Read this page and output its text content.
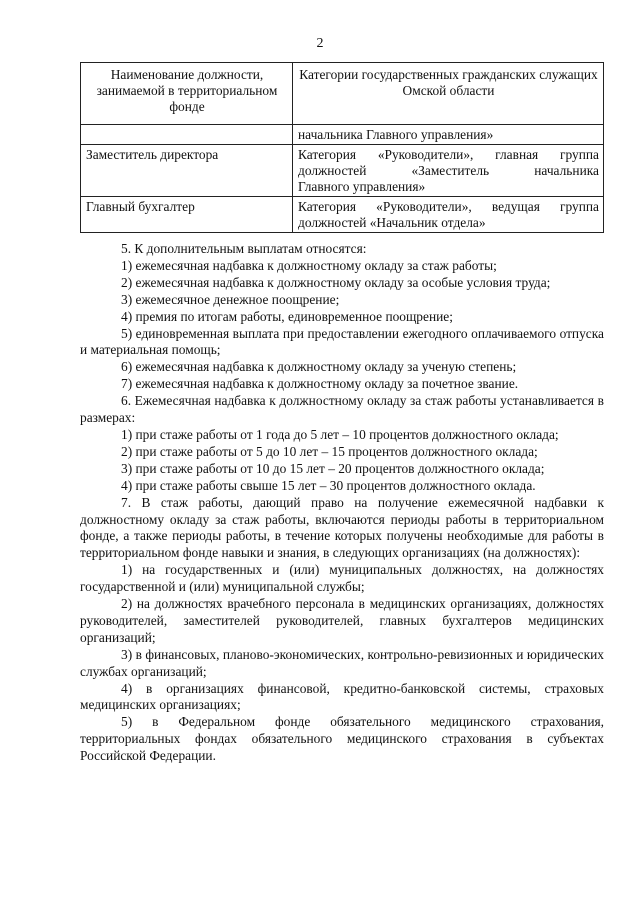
2
Наименование должности, занимаемой в территориальном фонде	Категории государственных гражданских служащих Омской области
	начальника Главного управления»
Заместитель директора	Категория «Руководители», главная группа
должностей «Заместитель начальника
Главного управления»

Главный бухгалтер	Категория «Руководители», ведущая группа
должностей «Начальник отдела»

5. К дополнительным выплатам относятся:

1) ежемесячная надбавка к должностному окладу за стаж работы;

2) ежемесячная надбавка к должностному окладу за особые условия труда;

3) ежемесячное денежное поощрение;

4) премия по итогам работы, единовременное поощрение;

5) единовременная выплата при предоставлении ежегодного оплачиваемого отпуска и материальная помощь;

6) ежемесячная надбавка к должностному окладу за ученую степень;

7) ежемесячная надбавка к должностному окладу за почетное звание.

6. Ежемесячная надбавка к должностному окладу за стаж работы устанавливается в размерах:

1) при стаже работы от 1 года до 5 лет – 10 процентов должностного оклада;

2) при стаже работы от 5 до 10 лет – 15 процентов должностного оклада;

3) при стаже работы от 10 до 15 лет – 20 процентов должностного оклада;

4) при стаже работы свыше 15 лет – 30 процентов должностного оклада.

7. В стаж работы, дающий право на получение ежемесячной надбавки к должностному окладу за стаж работы, включаются периоды работы в территориальном фонде, а также периоды работы, в течение которых получены необходимые для работы в территориальном фонде навыки и знания, в следующих организациях (на должностях):

1) на государственных и (или) муниципальных должностях, на должностях государственной и (или) муниципальной службы;

2) на должностях врачебного персонала в медицинских организациях, должностях руководителей, заместителей руководителей, главных бухгалтеров медицинских организаций;

3) в финансовых, планово-экономических, контрольно-ревизионных и юридических службах организаций;

4) в организациях финансовой, кредитно-банковской системы, страховых медицинских организациях;

5) в Федеральном фонде обязательного медицинского страхования, территориальных фондах обязательного медицинского страхования в субъектах Российской Федерации.
